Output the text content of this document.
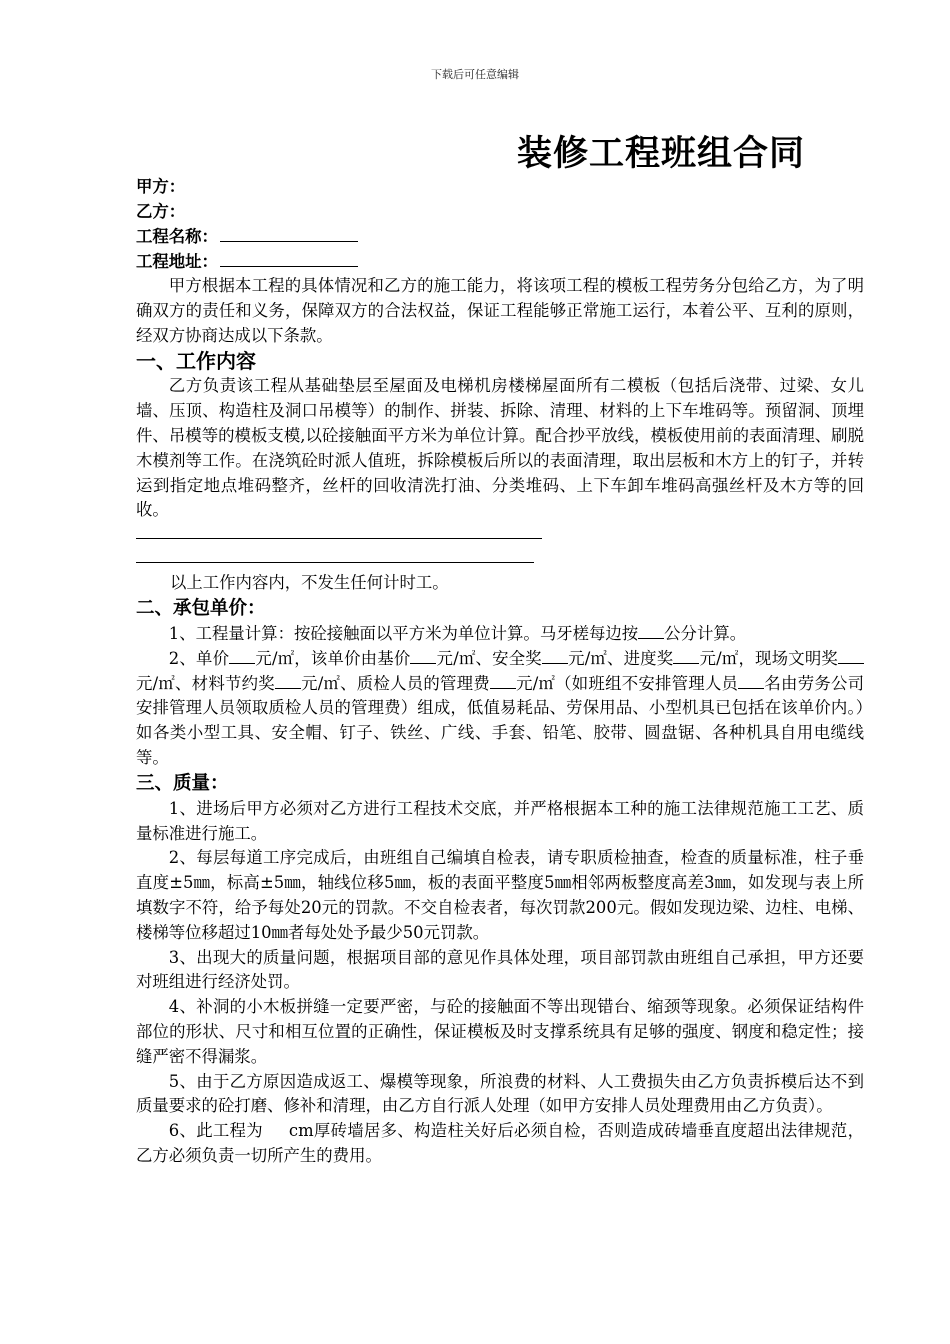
下载后可任意编辑
装修工程班组合同
甲方：
乙方：
工程名称：
工程地址：

甲方根据本工程的具体情况和乙方的施工能力，将该项工程的模板工程劳务分包给乙方，为了明确双方的责任和义务，保障双方的合法权益，保证工程能够正常施工运行，本着公平、互利的原则，经双方协商达成以下条款。

一、工作内容

乙方负责该工程从基础垫层至屋面及电梯机房楼梯屋面所有二模板（包括后浇带、过梁、女儿墙、压顶、构造柱及洞口吊模等）的制作、拼装、拆除、清理、材料的上下车堆码等。预留洞、顶埋件、吊模等的模板支模,以砼接触面平方米为单位计算。配合抄平放线，模板使用前的表面清理、刷脱木模剂等工作。在浇筑砼时派人值班，拆除模板后所以的表面清理，取出层板和木方上的钉子，并转运到指定地点堆码整齐，丝杆的回收清洗打油、分类堆码、上下车卸车堆码高强丝杆及木方等的回收。

以上工作内容内，不发生任何计时工。

二、承包单价：

1、工程量计算：按砼接触面以平方米为单位计算。马牙槎每边按 公分计算。

2、单价 元/㎡，该单价由基价 元/㎡、安全奖 元/㎡、进度奖 元/㎡，现场文明奖元/㎡、材料节约奖 元/㎡、质检人员的管理费 元/㎡（如班组不安排管理人员 名由劳务公司安排管理人员领取质检人员的管理费）组成，低值易耗品、劳保用品、小型机具已包括在该单价内。）如各类小型工具、安全帽、钉子、铁丝、广线、手套、铅笔、胶带、圆盘锯、各种机具自用电缆线等。

三、质量：

1、进场后甲方必须对乙方进行工程技术交底，并严格根据本工种的施工法律规范施工工艺、质量标准进行施工。

2、每层每道工序完成后，由班组自己编填自检表，请专职质检抽查，检查的质量标准，柱子垂直度±5㎜，标高±5㎜，轴线位移5㎜，板的表面平整度5㎜相邻两板整度高差3㎜，如发现与表上所填数字不符，给予每处20元的罚款。不交自检表者，每次罚款200元。假如发现边梁、边柱、电梯、楼梯等位移超过10㎜者每处处予最少50元罚款。

3、出现大的质量问题，根据项目部的意见作具体处理，项目部罚款由班组自己承担，甲方还要对班组进行经济处罚。

4、补洞的小木板拼缝一定要严密，与砼的接触面不等出现错台、缩颈等现象。必须保证结构件部位的形状、尺寸和相互位置的正确性，保证模板及时支撑系统具有足够的强度、钢度和稳定性；接缝严密不得漏浆。

5、由于乙方原因造成返工、爆模等现象，所浪费的材料、人工费损失由乙方负责拆模后达不到质量要求的砼打磨、修补和清理，由乙方自行派人处理（如甲方安排人员处理费用由乙方负责）。

6、此工程为 cm厚砖墙居多、构造柱关好后必须自检，否则造成砖墙垂直度超出法律规范，乙方必须负责一切所产生的费用。
